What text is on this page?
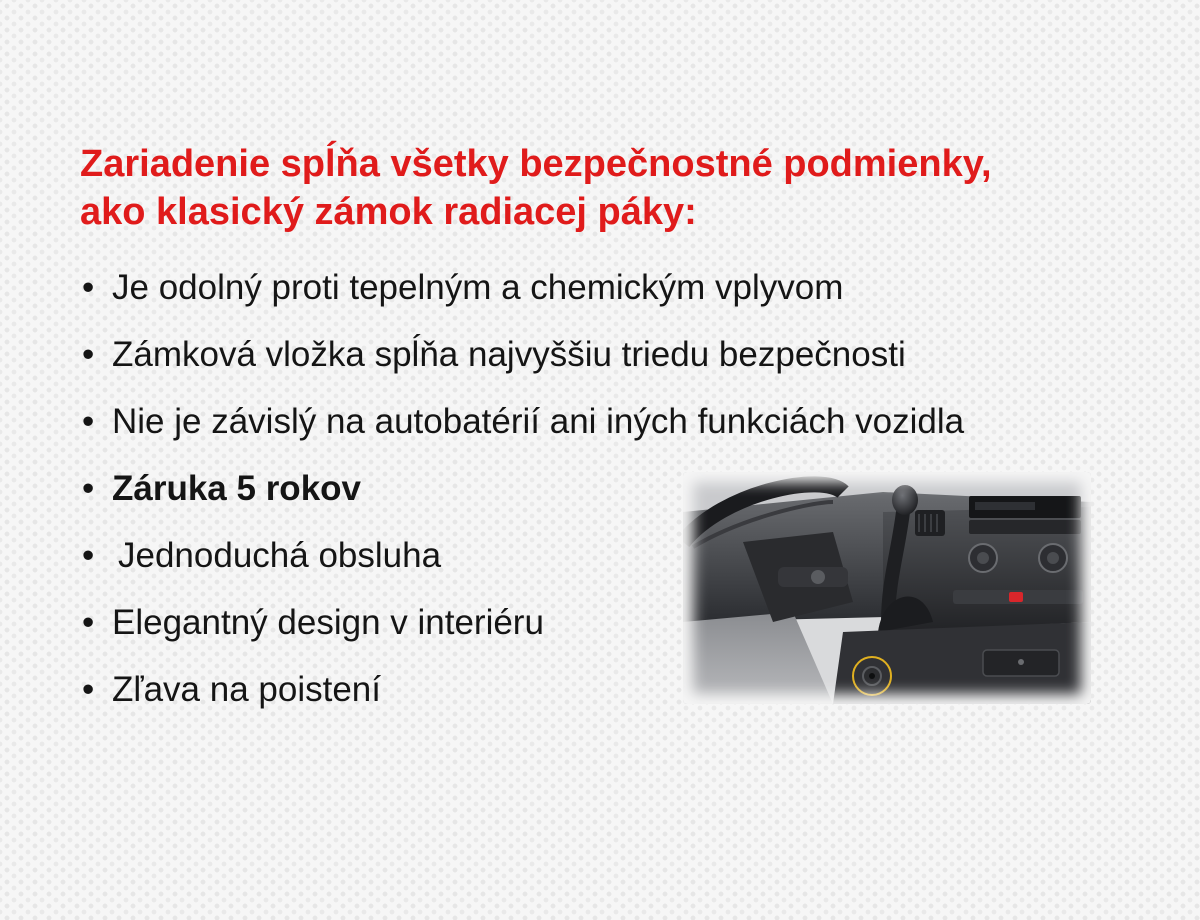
Zariadenie spĺňa všetky bezpečnostné podmienky,
ako klasický zámok radiacej páky:
• Je odolný proti tepelným a chemickým vplyvom
• Zámková vložka spĺňa najvyššiu triedu bezpečnosti
• Nie je závislý na autobatérií ani iných funkciách vozidla
• Záruka 5 rokov
• Jednoduchá obsluha
• Elegantný design v interiéru
• Zľava na poistení
